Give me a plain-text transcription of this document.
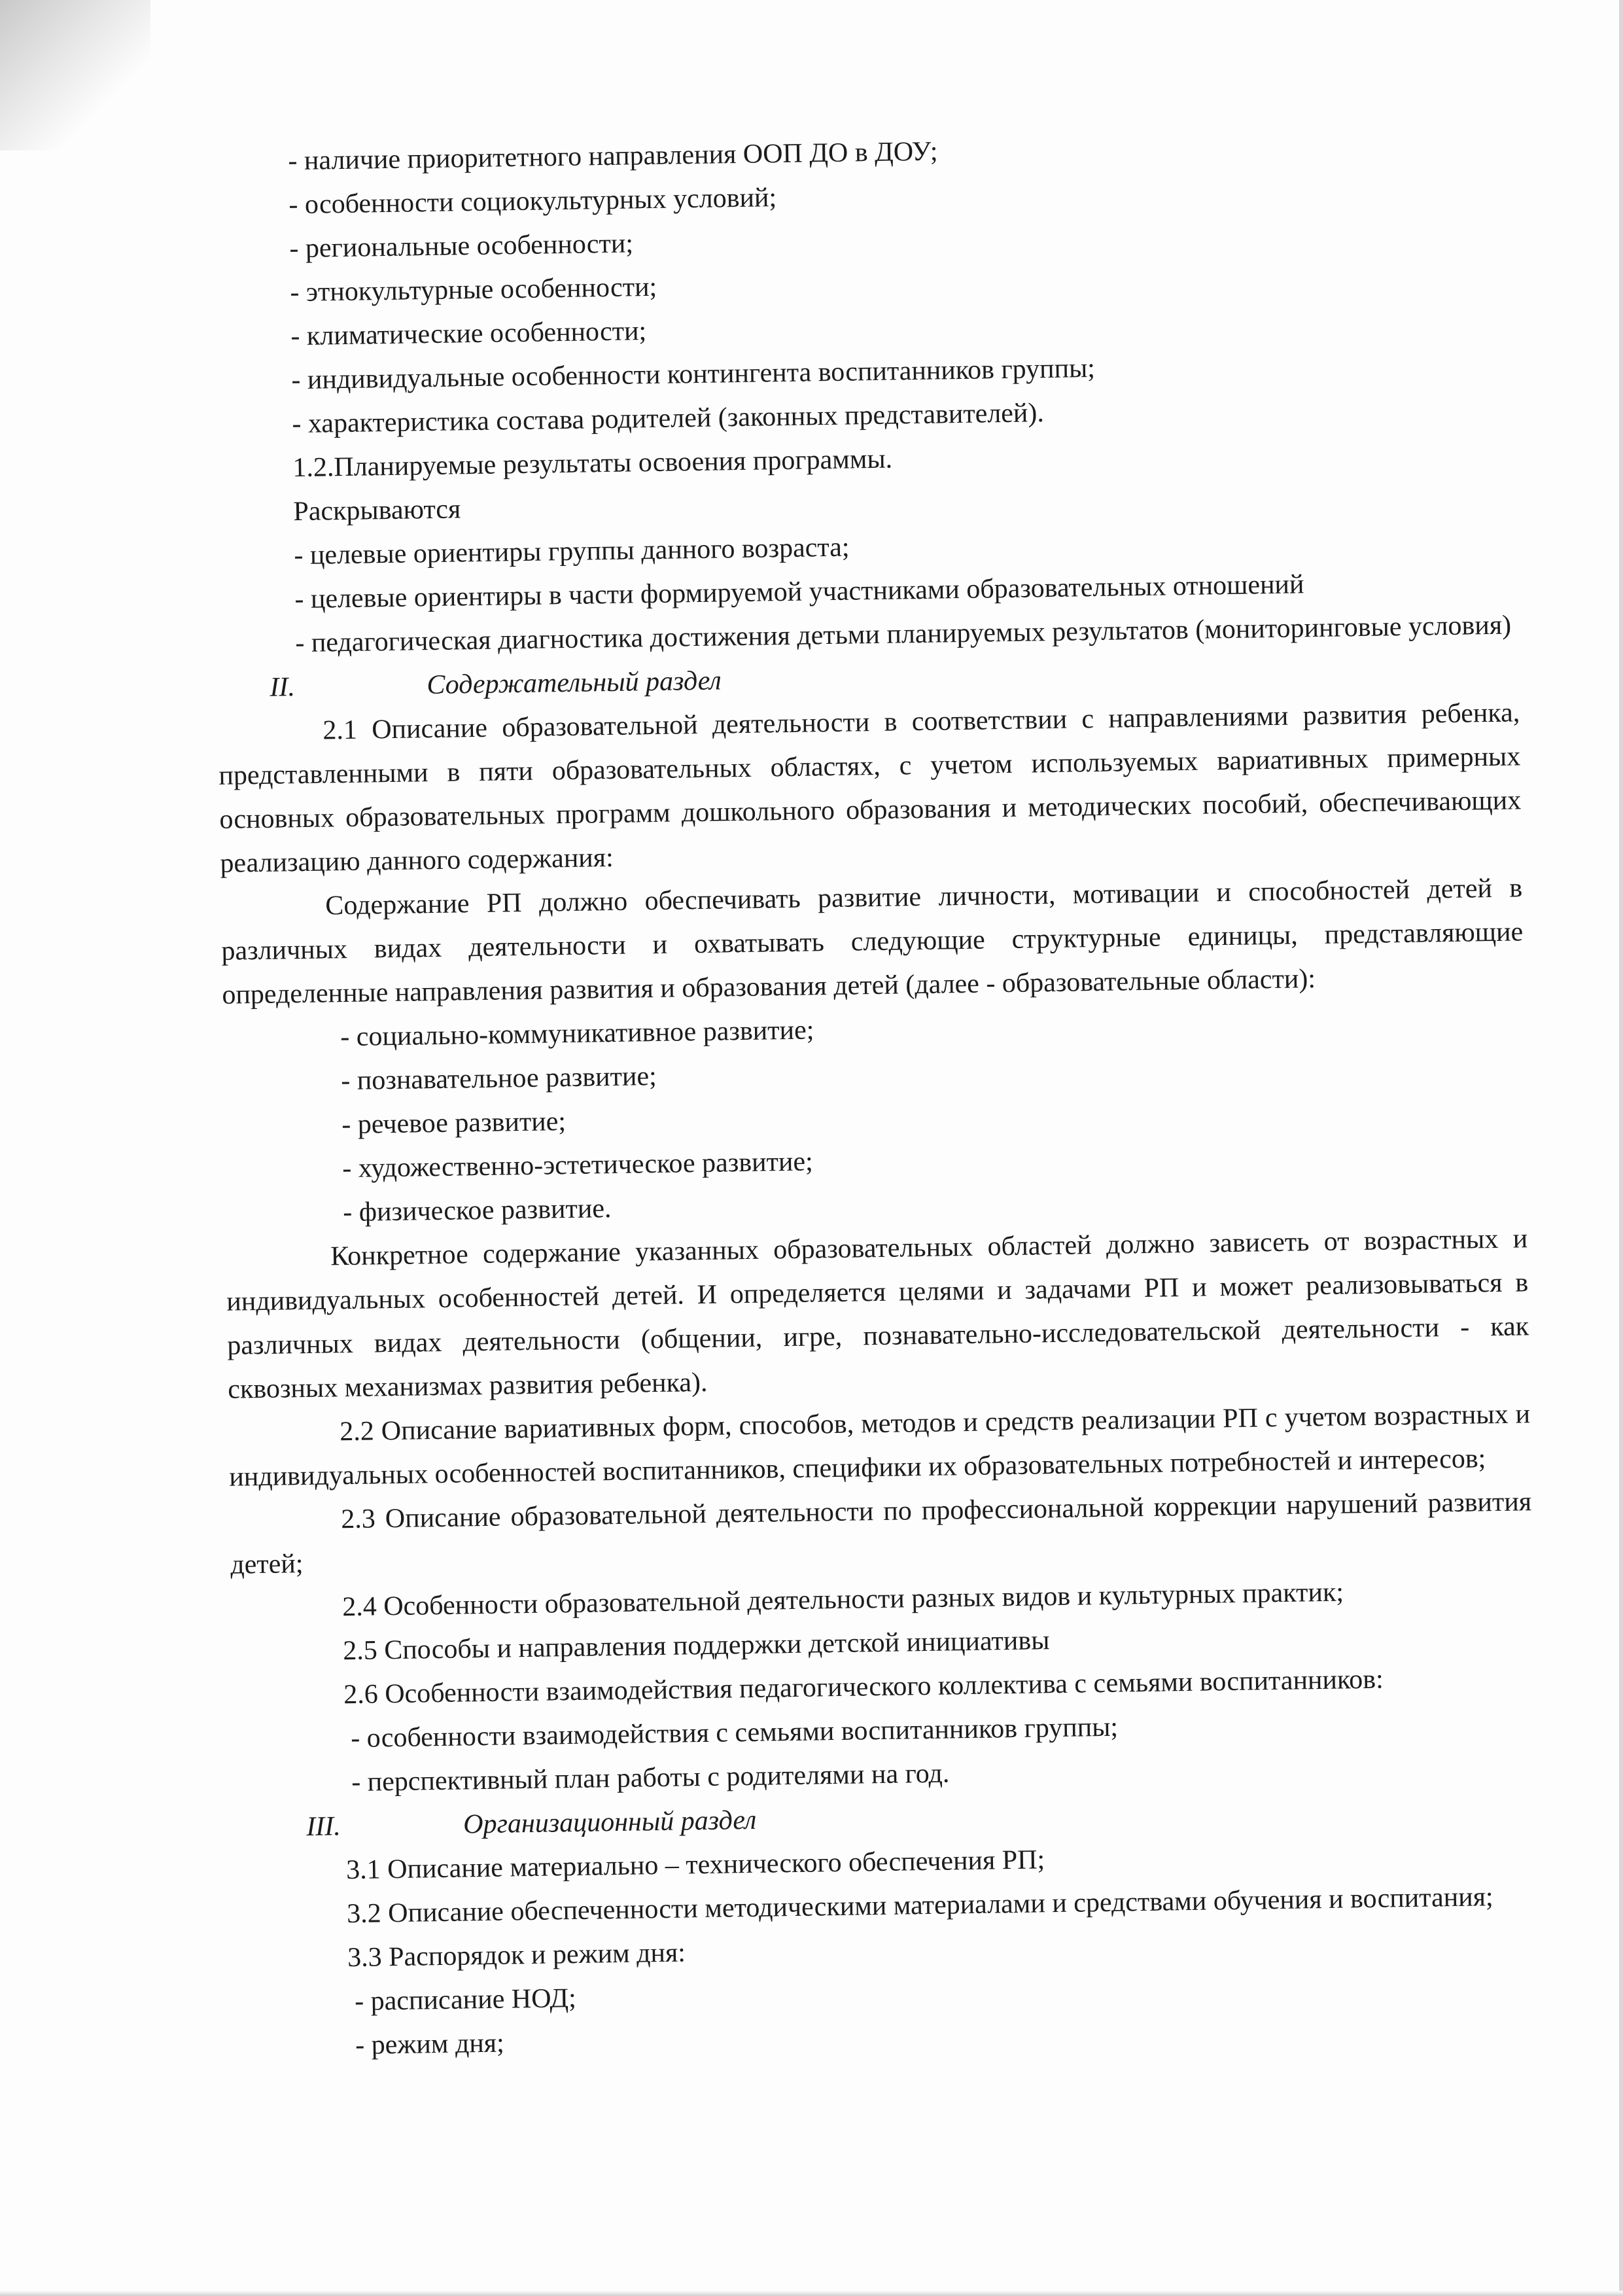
- наличие приоритетного направления ООП ДО в ДОУ;
- особенности социокультурных условий;
- региональные особенности;
- этнокультурные особенности;
- климатические особенности;
- индивидуальные особенности контингента воспитанников группы;
- характеристика состава родителей (законных представителей).
1.2.Планируемые результаты освоения программы.
Раскрываются
- целевые ориентиры группы данного возраста;
- целевые ориентиры в части формируемой участниками образовательных отношений
- педагогическая диагностика достижения детьми планируемых результатов (мониторинговые условия)
II.	Содержательный раздел
2.1 Описание образовательной деятельности в соответствии с направлениями развития ребенка, представленными в пяти образовательных областях, с учетом используемых вариативных примерных основных образовательных программ дошкольного образования и методических пособий, обеспечивающих реализацию данного содержания:
Содержание РП должно обеспечивать развитие личности, мотивации и способностей детей в различных видах деятельности и охватывать следующие структурные единицы, представляющие определенные направления развития и образования детей (далее - образовательные области):
- социально-коммуникативное развитие;
- познавательное развитие;
- речевое развитие;
- художественно-эстетическое развитие;
- физическое развитие.
Конкретное содержание указанных образовательных областей должно зависеть от возрастных и индивидуальных особенностей детей. И определяется целями и задачами РП и может реализовываться в различных видах деятельности (общении, игре, познавательно-исследовательской деятельности - как сквозных механизмах развития ребенка).
2.2 Описание вариативных форм, способов, методов и средств реализации РП с учетом возрастных и индивидуальных особенностей воспитанников, специфики их образовательных потребностей и интересов;
2.3 Описание образовательной деятельности по профессиональной коррекции нарушений развития детей;
2.4 Особенности образовательной деятельности разных видов и культурных практик;
2.5 Способы и направления поддержки детской инициативы
2.6 Особенности взаимодействия педагогического коллектива с семьями воспитанников:
- особенности взаимодействия с семьями воспитанников группы;
- перспективный план работы с родителями на год.
III.	Организационный раздел
3.1 Описание материально – технического обеспечения РП;
3.2 Описание обеспеченности методическими материалами и средствами обучения и воспитания;
3.3 Распорядок и режим дня:
- расписание НОД;
- режим дня;
